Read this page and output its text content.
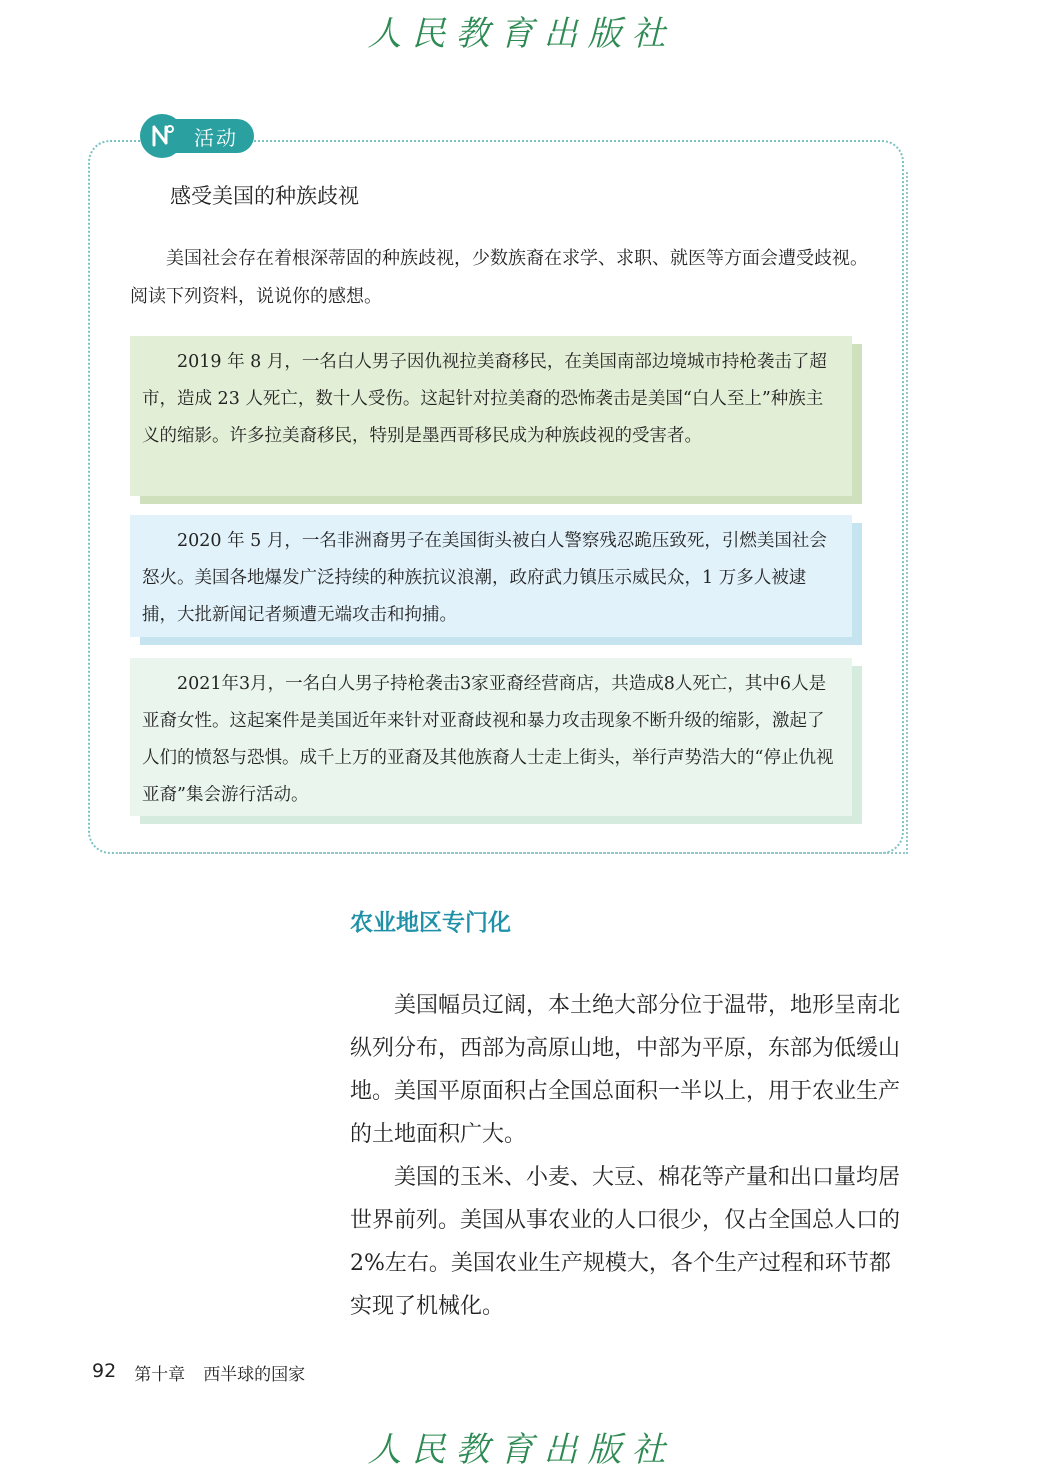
人民教育出版社
活动
感受美国的种族歧视
美国社会存在着根深蒂固的种族歧视，少数族裔在求学、求职、就医等方面会遭受歧视。阅读下列资料，说说你的感想。
2019 年 8 月，一名白人男子因仇视拉美裔移民，在美国南部边境城市持枪袭击了超市，造成 23 人死亡，数十人受伤。这起针对拉美裔的恐怖袭击是美国“白人至上”种族主义的缩影。许多拉美裔移民，特别是墨西哥移民成为种族歧视的受害者。
2020 年 5 月，一名非洲裔男子在美国街头被白人警察残忍跪压致死，引燃美国社会怒火。美国各地爆发广泛持续的种族抗议浪潮，政府武力镇压示威民众，1 万多人被逮捕，大批新闻记者频遭无端攻击和拘捕。
2021年3月，一名白人男子持枪袭击3家亚裔经营商店，共造成8人死亡，其中6人是亚裔女性。这起案件是美国近年来针对亚裔歧视和暴力攻击现象不断升级的缩影，激起了人们的愤怒与恐惧。成千上万的亚裔及其他族裔人士走上街头，举行声势浩大的“停止仇视亚裔”集会游行活动。
农业地区专门化

美国幅员辽阔，本土绝大部分位于温带，地形呈南北纵列分布，西部为高原山地，中部为平原，东部为低缓山地。美国平原面积占全国总面积一半以上，用于农业生产的土地面积广大。

美国的玉米、小麦、大豆、棉花等产量和出口量均居世界前列。美国从事农业的人口很少，仅占全国总人口的2%左右。美国农业生产规模大，各个生产过程和环节都实现了机械化。

92 第十章 西半球的国家
人民教育出版社
